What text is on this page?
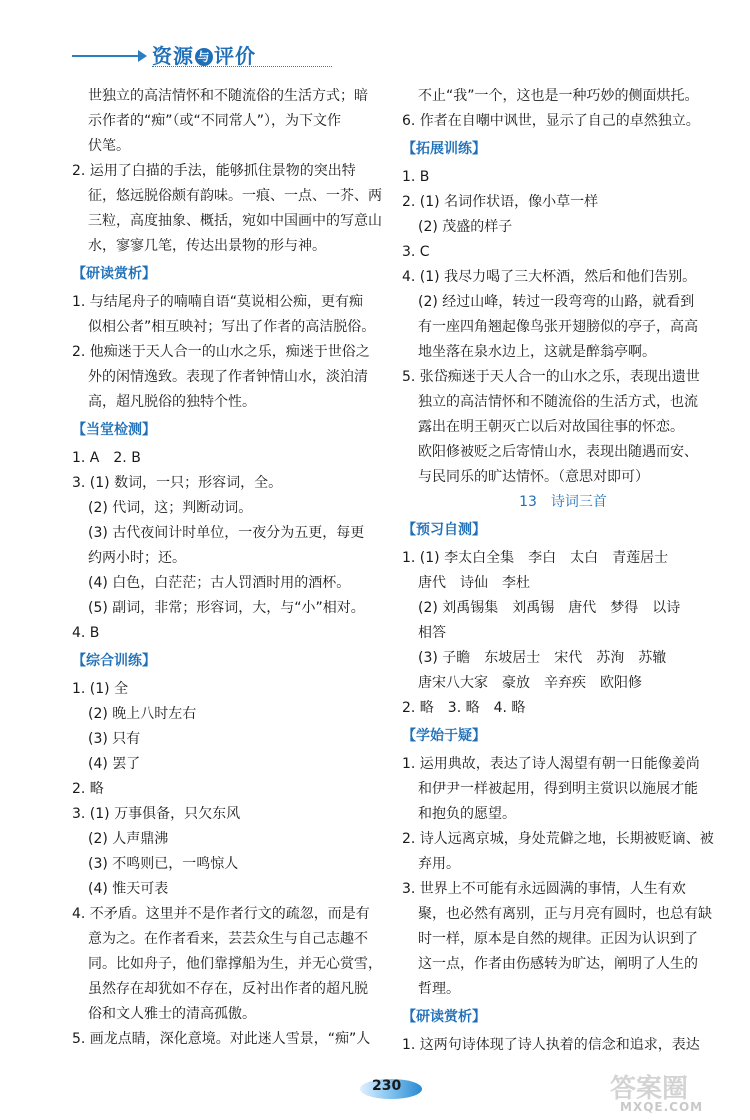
资源 与 评价
世独立的高洁情怀和不随流俗的生活方式；暗
示作者的“痴”（或“不同常人”），为下文作
伏笔。
2. 运用了白描的手法，能够抓住景物的突出特
征，悠远脱俗颇有韵味。一痕、一点、一芥、两
三粒，高度抽象、概括，宛如中国画中的写意山
水，寥寥几笔，传达出景物的形与神。
【研读赏析】
1. 与结尾舟子的喃喃自语“莫说相公痴，更有痴
似相公者”相互映衬；写出了作者的高洁脱俗。
2. 他痴迷于天人合一的山水之乐，痴迷于世俗之
外的闲情逸致。表现了作者钟情山水，淡泊清
高，超凡脱俗的独特个性。
【当堂检测】
1. A　2. B
3. (1) 数词，一只；形容词，全。
(2) 代词，这；判断动词。
(3) 古代夜间计时单位，一夜分为五更，每更
约两小时；还。
(4) 白色，白茫茫；古人罚酒时用的酒杯。
(5) 副词，非常；形容词，大，与“小”相对。
4. B
【综合训练】
1. (1) 全
(2) 晚上八时左右
(3) 只有
(4) 罢了
2. 略
3. (1) 万事俱备，只欠东风
(2) 人声鼎沸
(3) 不鸣则已，一鸣惊人
(4) 惟天可表
4. 不矛盾。这里并不是作者行文的疏忽，而是有
意为之。在作者看来，芸芸众生与自己志趣不
同。比如舟子，他们靠撑船为生，并无心赏雪，
虽然存在却犹如不存在，反衬出作者的超凡脱
俗和文人雅士的清高孤傲。
5. 画龙点睛，深化意境。对此迷人雪景，“痴”人
不止“我”一个，这也是一种巧妙的侧面烘托。
6. 作者在自嘲中讽世，显示了自己的卓然独立。
【拓展训练】
1. B
2. (1) 名词作状语，像小草一样
(2) 茂盛的样子
3. C
4. (1) 我尽力喝了三大杯酒，然后和他们告别。
(2) 经过山峰，转过一段弯弯的山路，就看到
有一座四角翘起像鸟张开翅膀似的亭子，高高
地坐落在泉水边上，这就是醉翁亭啊。
5. 张岱痴迷于天人合一的山水之乐，表现出遗世
独立的高洁情怀和不随流俗的生活方式，也流
露出在明王朝灭亡以后对故国往事的怀恋。
欧阳修被贬之后寄情山水，表现出随遇而安、
与民同乐的旷达情怀。（意思对即可）
13　诗词三首
【预习自测】
1. (1) 李太白全集　李白　太白　青莲居士
唐代　诗仙　李杜
(2) 刘禹锡集　刘禹锡　唐代　梦得　以诗
相答
(3) 子瞻　东坡居士　宋代　苏洵　苏辙
唐宋八大家　豪放　辛弃疾　欧阳修
2. 略　3. 略　4. 略
【学始于疑】
1. 运用典故，表达了诗人渴望有朝一日能像姜尚
和伊尹一样被起用，得到明主赏识以施展才能
和抱负的愿望。
2. 诗人远离京城，身处荒僻之地，长期被贬谪、被
弃用。
3. 世界上不可能有永远圆满的事情，人生有欢
聚，也必然有离别，正与月亮有圆时，也总有缺
时一样，原本是自然的规律。正因为认识到了
这一点，作者由伤感转为旷达，阐明了人生的
哲理。
【研读赏析】
1. 这两句诗体现了诗人执着的信念和追求，表达
230	答案圈
MXQE.COM
